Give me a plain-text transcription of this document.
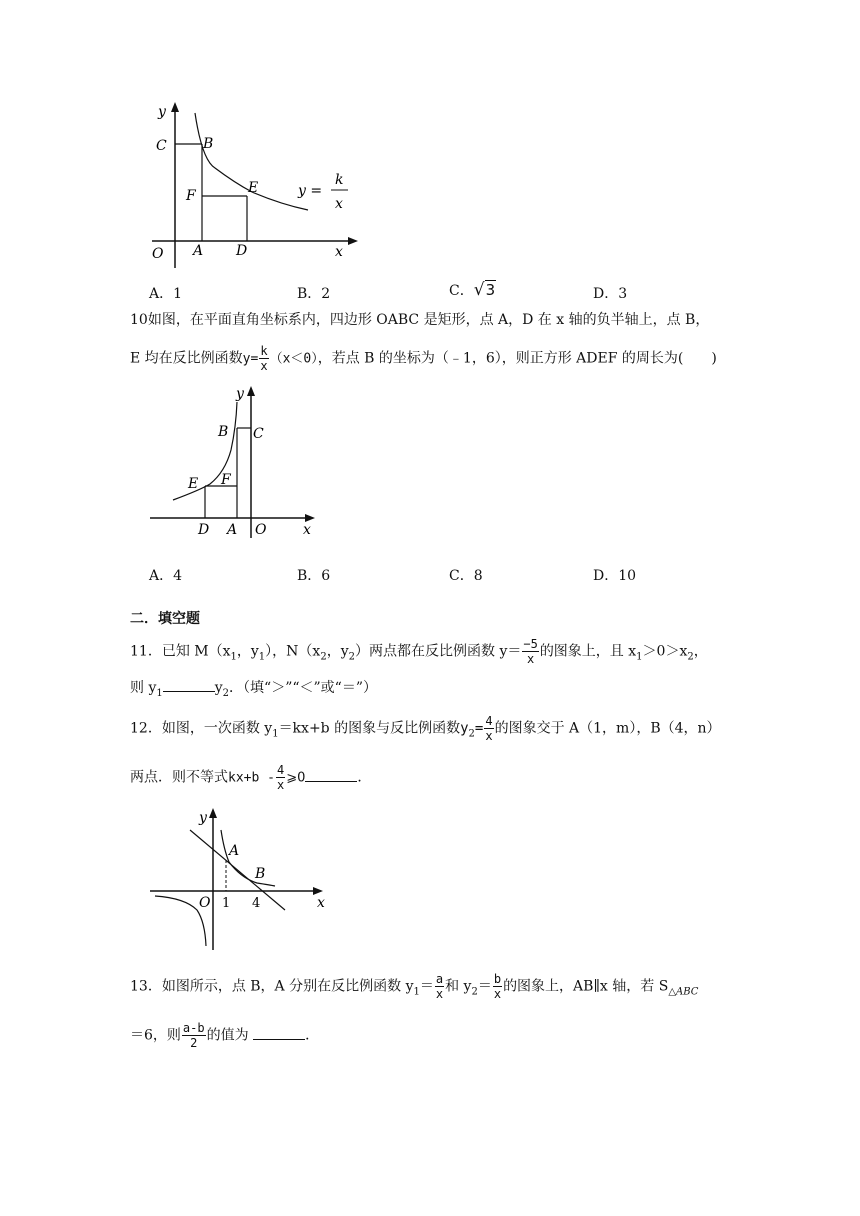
y
x
O
C	B
F	E
A D
y =
k
x
A．1	B．2	C．√3	D．3
10如图，在平面直角坐标系内，四边形 OABC 是矩形，点 A，D 在 x 轴的负半轴上，点 B，
E 均在反比例函数$y= \frac{k}{x} (x<0)$，若点 B 的坐标为（﹣1，6），则正方形 ADEF 的周长为(　　)
y
x
O
B C
E F
D A
A．4	B．6	C．8	D．10
二．填空题
11．已知 $M(x_1$，$y_1$），$N(x_2$，$y_2$）两点都在反比例函数 $y= \frac{-5}{x}$ 的图象上，且 $x_1>0>x_2$，
则 $y_1$	$y_2$．（填“＞”“＜”或“＝”）
12．如图，一次函数 $y_1=kx+b$ 的图象与反比例函数$y_2= \frac{4}{x}$ 的图象交于 A（1，m），B（4，n）
两点．则不等式$kx+b - \frac{4}{x}$ ⩾0	．
y
x
O
A
B
1 4
13．如图所示，点 B，A 分别在反比例函数 $y_1= \frac{a}{x}$ 和 $y_2= \frac{b}{x}$ 的图象上，AB∥x 轴，若 $S_{\triangle ABC}$
＝6，则 $\frac{a-b}{2}$ 的值为	．
